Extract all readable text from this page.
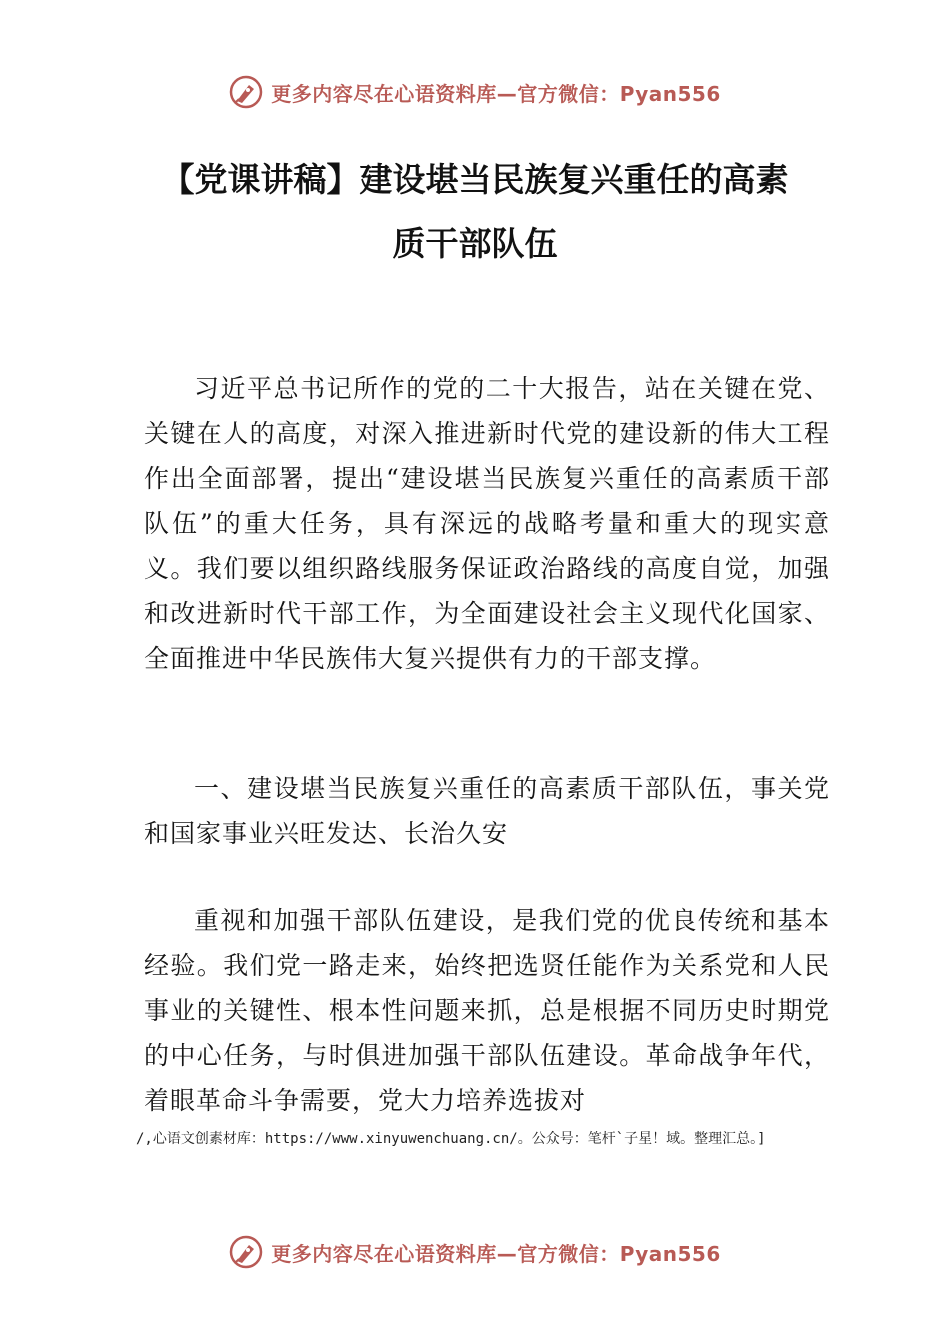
更多内容尽在心语资料库—官方微信：Pyan556
【党课讲稿】建设堪当民族复兴重任的高素
质干部队伍

习近平总书记所作的党的二十大报告，站在关键在党、关键在人的高度，对深入推进新时代党的建设新的伟大工程作出全面部署，提出“建设堪当民族复兴重任的高素质干部队伍”的重大任务，具有深远的战略考量和重大的现实意义。我们要以组织路线服务保证政治路线的高度自觉，加强和改进新时代干部工作，为全面建设社会主义现代化国家、全面推进中华民族伟大复兴提供有力的干部支撑。

一、建设堪当民族复兴重任的高素质干部队伍，事关党和国家事业兴旺发达、长治久安

重视和加强干部队伍建设，是我们党的优良传统和基本经验。我们党一路走来，始终把选贤任能作为关系党和人民事业的关键性、根本性问题来抓，总是根据不同历史时期党的中心任务，与时俱进加强干部队伍建设。革命战争年代，着眼革命斗争需要，党大力培养选拔对

/,心语文创素材库：https://www.xinyuwenchuang.cn/。公众号：笔杆`子星！域。整理汇总。]

更多内容尽在心语资料库—官方微信：Pyan556
